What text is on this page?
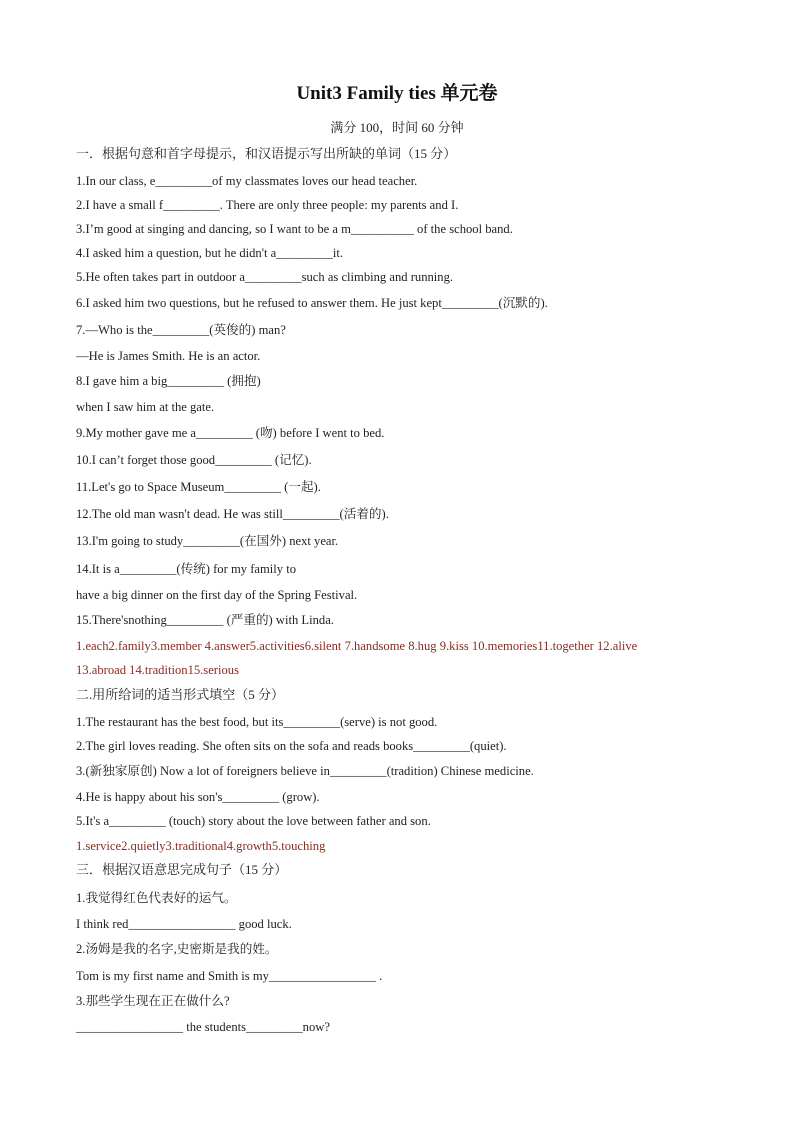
Unit3 Family ties 单元卷
满分 100，时间 60 分钟
一．根据句意和首字母提示，和汉语提示写出所缺的单词（15 分）
1.In our class, e_________of my classmates loves our head teacher.
2.I have a small f_________. There are only three people: my parents and I.
3.I’m good at singing and dancing, so I want to be a m__________ of the school band.
4.I asked him a question, but he didn't a_________it.
5.He often takes part in outdoor a_________such as climbing and running.
6.I asked him two questions, but he refused to answer them. He just kept_________(沉默的).
7.—Who is the_________(英俊的) man?
—He is James Smith. He is an actor.
8.I gave him a big_________ (拥抱)
when I saw him at the gate.
9.My mother gave me a_________ (吻) before I went to bed.
10.I can’t forget those good_________ (记忆).
11.Let's go to Space Museum_________ (一起).
12.The old man wasn't dead. He was still_________(活着的).
13.I'm going to study_________(在国外) next year.
14.It is a_________(传统) for my family to
have a big dinner on the first day of the Spring Festival.
15.There'snothing_________ (严重的) with Linda.
1.each2.family3.member 4.answer5.activities6.silent 7.handsome 8.hug 9.kiss 10.memories11.together 12.alive
13.abroad 14.tradition15.serious
二.用所给词的适当形式填空（5 分）
1.The restaurant has the best food, but its_________(serve) is not good.
2.The girl loves reading. She often sits on the sofa and reads books_________(quiet).
3.(新独家原创) Now a lot of foreigners believe in_________(tradition) Chinese medicine.
4.He is happy about his son's_________ (grow).
5.It's a_________ (touch) story about the love between father and son.
1.service2.quietly3.traditional4.growth5.touching
三．根据汉语意思完成句子（15 分）
1.我觉得红色代表好的运气。
I think red_________________ good luck.
2.汤姆是我的名字,史密斯是我的姓。
Tom is my first name and Smith is my_________________ .
3.那些学生现在正在做什么?
_________________ the students_________now?
